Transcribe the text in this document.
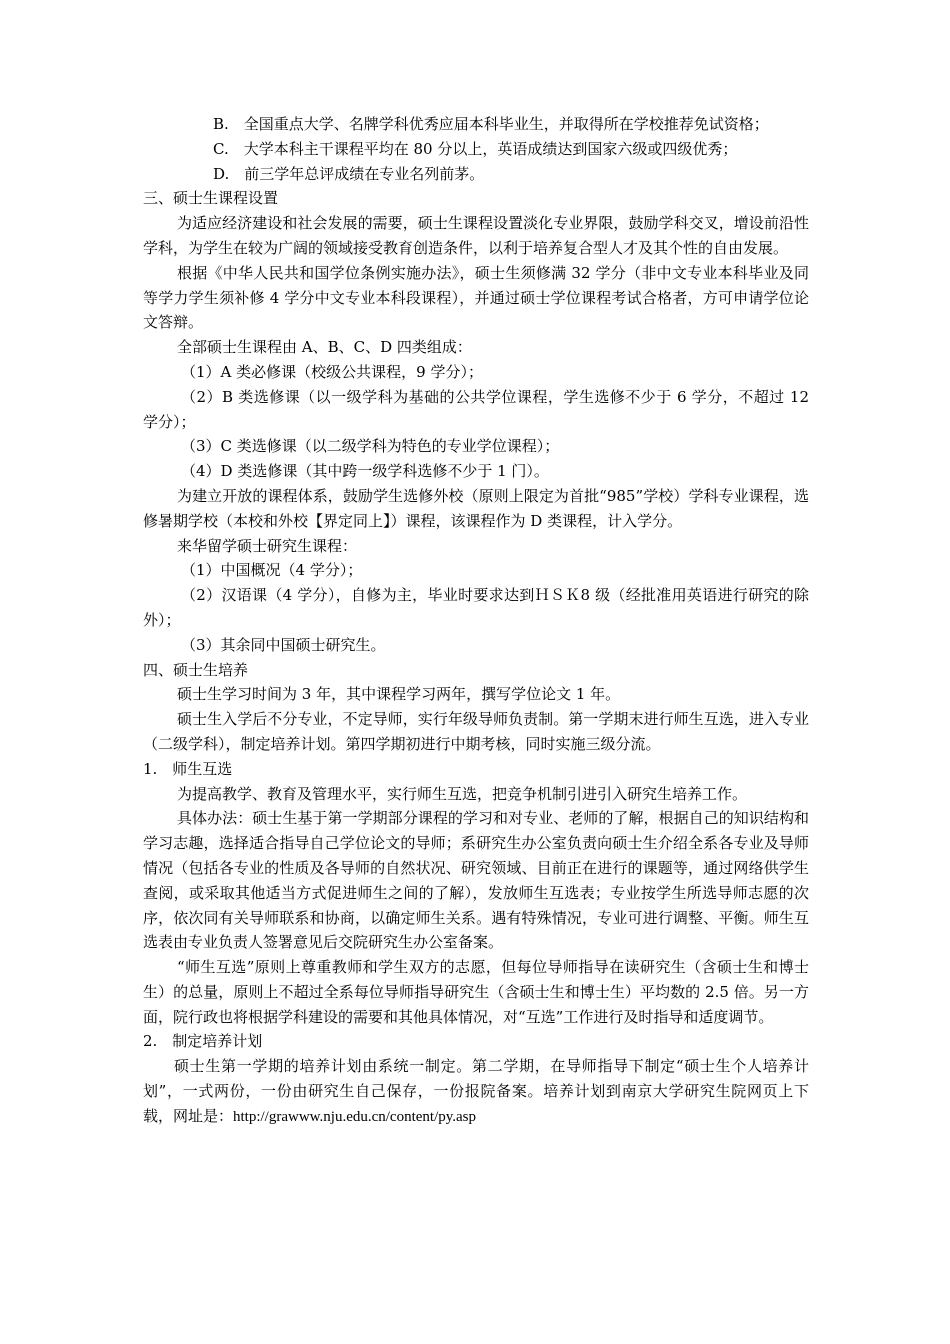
B.　全国重点大学、名牌学科优秀应届本科毕业生，并取得所在学校推荐免试资格；

C.　大学本科主干课程平均在 80 分以上，英语成绩达到国家六级或四级优秀；

D.　前三学年总评成绩在专业名列前茅。

三、硕士生课程设置

为适应经济建设和社会发展的需要，硕士生课程设置淡化专业界限，鼓励学科交叉，增设前沿性学科，为学生在较为广阔的领域接受教育创造条件，以利于培养复合型人才及其个性的自由发展。

根据《中华人民共和国学位条例实施办法》，硕士生须修满 32 学分（非中文专业本科毕业及同等学力学生须补修 4 学分中文专业本科段课程），并通过硕士学位课程考试合格者，方可申请学位论文答辩。

全部硕士生课程由 A、B、C、D 四类组成：

（1）A 类必修课（校级公共课程，9 学分）；

（2）B 类选修课（以一级学科为基础的公共学位课程，学生选修不少于 6 学分，不超过 12 学分）；

（3）C 类选修课（以二级学科为特色的专业学位课程）；

（4）D 类选修课（其中跨一级学科选修不少于 1 门）。

为建立开放的课程体系，鼓励学生选修外校（原则上限定为首批“985”学校）学科专业课程，选修暑期学校（本校和外校【界定同上】）课程，该课程作为 D 类课程，计入学分。

来华留学硕士研究生课程：

（1）中国概况（4 学分）；

（2）汉语课（4 学分），自修为主，毕业时要求达到ＨＳＫ8 级（经批准用英语进行研究的除外）；

（3）其余同中国硕士研究生。

四、硕士生培养

硕士生学习时间为 3 年，其中课程学习两年，撰写学位论文 1 年。

硕士生入学后不分专业，不定导师，实行年级导师负责制。第一学期末进行师生互选，进入专业（二级学科），制定培养计划。第四学期初进行中期考核，同时实施三级分流。

1.　师生互选

为提高教学、教育及管理水平，实行师生互选，把竞争机制引进引入研究生培养工作。

具体办法：硕士生基于第一学期部分课程的学习和对专业、老师的了解，根据自己的知识结构和学习志趣，选择适合指导自己学位论文的导师；系研究生办公室负责向硕士生介绍全系各专业及导师情况（包括各专业的性质及各导师的自然状况、研究领域、目前正在进行的课题等，通过网络供学生查阅，或采取其他适当方式促进师生之间的了解），发放师生互选表；专业按学生所选导师志愿的次序，依次同有关导师联系和协商，以确定师生关系。遇有特殊情况，专业可进行调整、平衡。师生互选表由专业负责人签署意见后交院研究生办公室备案。

“师生互选”原则上尊重教师和学生双方的志愿，但每位导师指导在读研究生（含硕士生和博士生）的总量，原则上不超过全系每位导师指导研究生（含硕士生和博士生）平均数的 2.5 倍。另一方面，院行政也将根据学科建设的需要和其他具体情况，对“互选”工作进行及时指导和适度调节。

2.　制定培养计划

硕士生第一学期的培养计划由系统一制定。第二学期，在导师指导下制定“硕士生个人培养计划”，一式两份，一份由研究生自己保存，一份报院备案。培养计划到南京大学研究生院网页上下载，网址是：http://grawww.nju.edu.cn/content/py.asp
